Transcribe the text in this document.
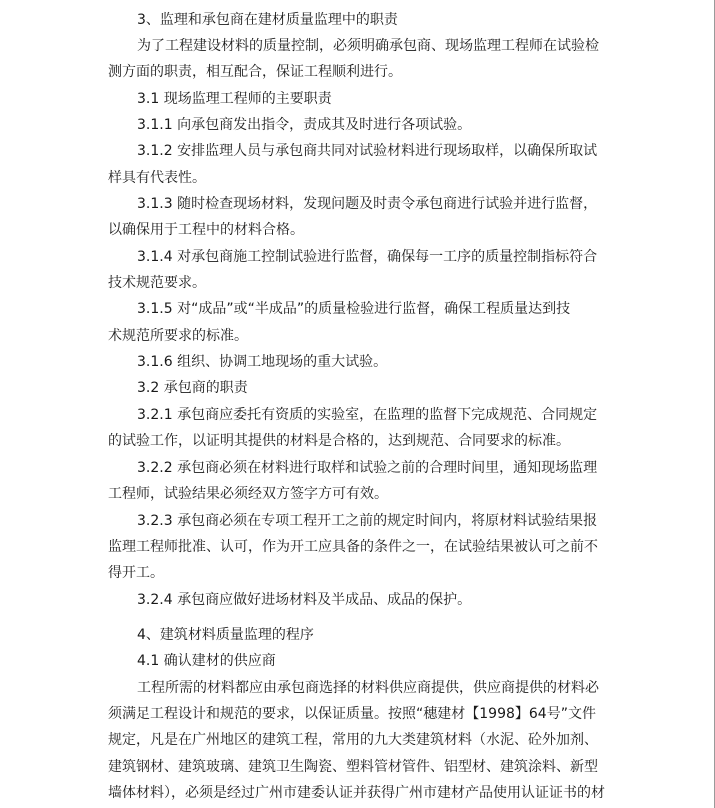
3、监理和承包商在建材质量监理中的职责
为了工程建设材料的质量控制，必须明确承包商、现场监理工程师在试验检
测方面的职责，相互配合，保证工程顺利进行。
3.1 现场监理工程师的主要职责
3.1.1 向承包商发出指令，责成其及时进行各项试验。
3.1.2 安排监理人员与承包商共同对试验材料进行现场取样，以确保所取试
样具有代表性。
3.1.3 随时检查现场材料，发现问题及时责令承包商进行试验并进行监督，
以确保用于工程中的材料合格。
3.1.4 对承包商施工控制试验进行监督，确保每一工序的质量控制指标符合
技术规范要求。
3.1.5 对“成品”或“半成品”的质量检验进行监督，确保工程质量达到技
术规范所要求的标准。
3.1.6 组织、协调工地现场的重大试验。
3.2 承包商的职责
3.2.1 承包商应委托有资质的实验室，在监理的监督下完成规范、合同规定
的试验工作，以证明其提供的材料是合格的，达到规范、合同要求的标准。
3.2.2 承包商必须在材料进行取样和试验之前的合理时间里，通知现场监理
工程师，试验结果必须经双方签字方可有效。
3.2.3 承包商必须在专项工程开工之前的规定时间内，将原材料试验结果报
监理工程师批准、认可，作为开工应具备的条件之一，在试验结果被认可之前不
得开工。
3.2.4 承包商应做好进场材料及半成品、成品的保护。
4、建筑材料质量监理的程序
4.1 确认建材的供应商
工程所需的材料都应由承包商选择的材料供应商提供，供应商提供的材料必
须满足工程设计和规范的要求，以保证质量。按照“穗建材【1998】64号”文件
规定，凡是在广州地区的建筑工程，常用的九大类建筑材料（水泥、砼外加剂、
建筑钢材、建筑玻璃、建筑卫生陶瓷、塑料管材管件、铝型材、建筑涂料、新型
墙体材料），必须是经过广州市建委认证并获得广州市建材产品使用认证证书的材
